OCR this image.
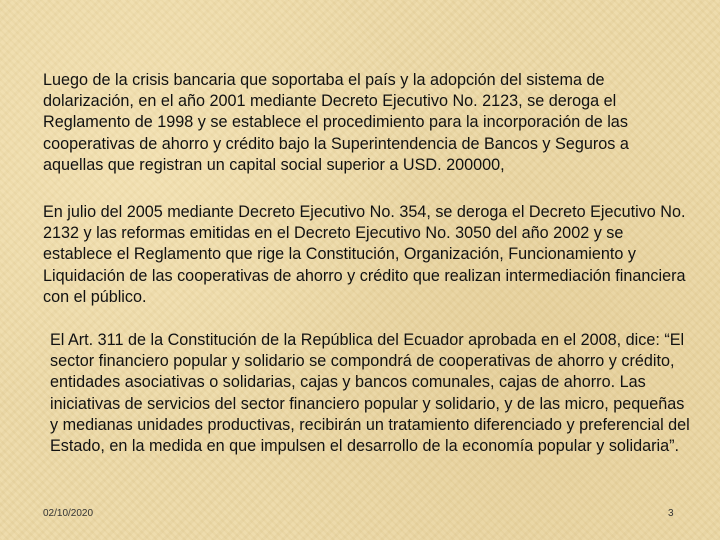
Luego de la crisis bancaria que soportaba el país y la adopción del sistema de dolarización, en el año 2001 mediante Decreto Ejecutivo No. 2123, se deroga el Reglamento de 1998 y se establece el procedimiento para la incorporación de las cooperativas de ahorro y crédito bajo la Superintendencia de Bancos y Seguros a aquellas que registran un capital social superior a USD. 200000,

En julio del 2005 mediante Decreto Ejecutivo No. 354, se deroga el Decreto Ejecutivo No. 2132 y las reformas emitidas en el Decreto Ejecutivo No. 3050 del año 2002 y se establece el Reglamento que rige la Constitución, Organización, Funcionamiento y Liquidación de las cooperativas de ahorro y crédito que realizan intermediación financiera con el público.

El Art. 311 de la Constitución de la República del Ecuador aprobada en el 2008, dice: “El sector financiero popular y solidario se compondrá de cooperativas de ahorro y crédito, entidades asociativas o solidarias, cajas y bancos comunales, cajas de ahorro. Las iniciativas de servicios del sector financiero popular y solidario, y de las micro, pequeñas y medianas unidades productivas, recibirán un tratamiento diferenciado y preferencial del Estado, en la medida en que impulsen el desarrollo de la economía popular y solidaria”.

02/10/2020	3
